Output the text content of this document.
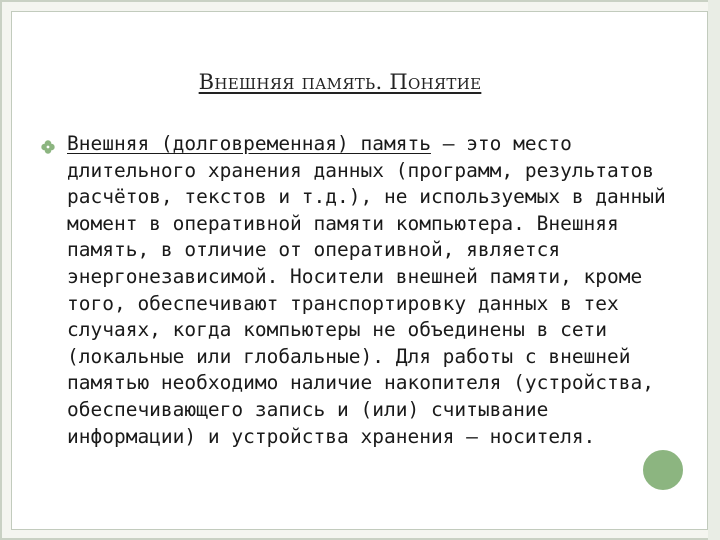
Внешняя память. Понятие
Внешняя (долговременная) память — это место длительного хранения данных (программ, результатов расчётов, текстов и т.д.), не используемых в данный момент в оперативной памяти компьютера. Внешняя память, в отличие от оперативной, является энергонезависимой. Носители внешней памяти, кроме того, обеспечивают транспортировку данных в тех случаях, когда компьютеры не объединены в сети (локальные или глобальные). Для работы с внешней памятью необходимо наличие накопителя (устройства, обеспечивающего запись и (или) считывание информации) и устройства хранения — носителя.
